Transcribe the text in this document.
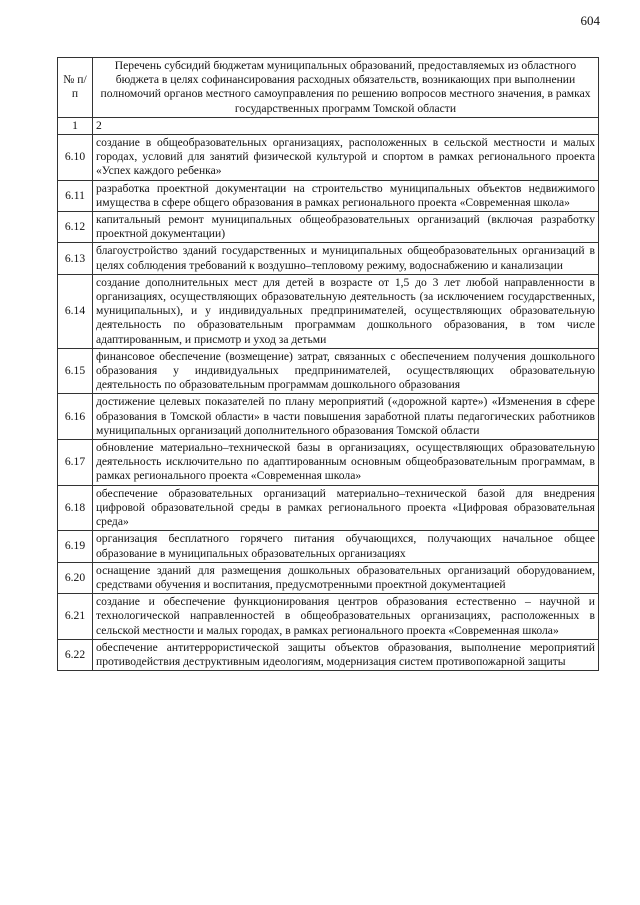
604
№ п/п	Перечень субсидий бюджетам муниципальных образований, предоставляемых из областного бюджета в целях софинансирования расходных обязательств, возникающих при выполнении полномочий органов местного самоуправления по решению вопросов местного значения, в рамках государственных программ Томской области
1	2
6.10	создание в общеобразовательных организациях, расположенных в сельской местности и малых городах, условий для занятий физической культурой и спортом в рамках регионального проекта «Успех каждого ребенка»
6.11	разработка проектной документации на строительство муниципальных объектов недвижимого имущества в сфере общего образования в рамках регионального проекта «Современная школа»
6.12	капитальный ремонт муниципальных общеобразовательных организаций (включая разработку проектной документации)
6.13	благоустройство зданий государственных и муниципальных общеобразовательных организаций в целях соблюдения требований к воздушно–тепловому режиму, водоснабжению и канализации
6.14	создание дополнительных мест для детей в возрасте от 1,5 до 3 лет любой направленности в организациях, осуществляющих образовательную деятельность (за исключением государственных, муниципальных), и у индивидуальных предпринимателей, осуществляющих образовательную деятельность по образовательным программам дошкольного образования, в том числе адаптированным, и присмотр и уход за детьми
6.15	финансовое обеспечение (возмещение) затрат, связанных с обеспечением получения дошкольного образования у индивидуальных предпринимателей, осуществляющих образовательную деятельность по образовательным программам дошкольного образования
6.16	достижение целевых показателей по плану мероприятий («дорожной карте») «Изменения в сфере образования в Томской области» в части повышения заработной платы педагогических работников муниципальных организаций дополнительного образования Томской области
6.17	обновление материально–технической базы в организациях, осуществляющих образовательную деятельность исключительно по адаптированным основным общеобразовательным программам, в рамках регионального проекта «Современная школа»
6.18	обеспечение образовательных организаций материально–технической базой для внедрения цифровой образовательной среды в рамках регионального проекта «Цифровая образовательная среда»
6.19	организация бесплатного горячего питания обучающихся, получающих начальное общее образование в муниципальных образовательных организациях
6.20	оснащение зданий для размещения дошкольных образовательных организаций оборудованием, средствами обучения и воспитания, предусмотренными проектной документацией
6.21	создание и обеспечение функционирования центров образования естественно – научной и технологической направленностей в общеобразовательных организациях, расположенных в сельской местности и малых городах, в рамках регионального проекта «Современная школа»
6.22	обеспечение антитеррористической защиты объектов образования, выполнение мероприятий противодействия деструктивным идеологиям, модернизация систем противопожарной защиты
